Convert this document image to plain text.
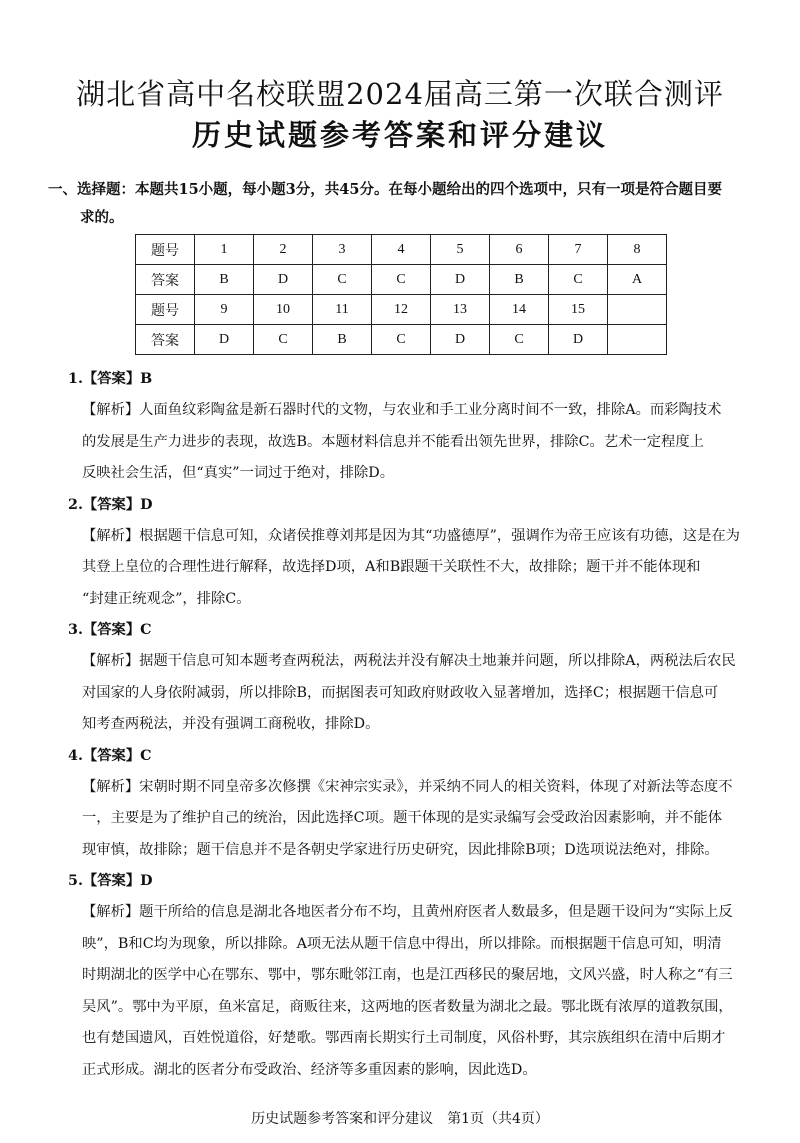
湖北省高中名校联盟2024届高三第一次联合测评
历史试题参考答案和评分建议
一、选择题：本题共15小题，每小题3分，共45分。在每小题给出的四个选项中，只有一项是符合题目要
求的。
题号	1	2	3	4	5	6	7	8
答案	B	D	C	C	D	B	C	A
题号	9	10	11	12	13	14	15	
答案	D	C	B	C	D	C	D	
1.【答案】B
【解析】人面鱼纹彩陶盆是新石器时代的文物，与农业和手工业分离时间不一致，排除A。而彩陶技术
的发展是生产力进步的表现，故选B。本题材料信息并不能看出领先世界，排除C。艺术一定程度上
反映社会生活，但“真实”一词过于绝对，排除D。
2.【答案】D
【解析】根据题干信息可知，众诸侯推尊刘邦是因为其“功盛德厚”，强调作为帝王应该有功德，这是在为
其登上皇位的合理性进行解释，故选择D项，A和B跟题干关联性不大，故排除；题干并不能体现和
“封建正统观念”，排除C。
3.【答案】C
【解析】据题干信息可知本题考查两税法，两税法并没有解决土地兼并问题，所以排除A，两税法后农民
对国家的人身依附减弱，所以排除B，而据图表可知政府财政收入显著增加，选择C；根据题干信息可
知考查两税法，并没有强调工商税收，排除D。
4.【答案】C
【解析】宋朝时期不同皇帝多次修撰《宋神宗实录》，并采纳不同人的相关资料，体现了对新法等态度不
一，主要是为了维护自己的统治，因此选择C项。题干体现的是实录编写会受政治因素影响，并不能体
现审慎，故排除；题干信息并不是各朝史学家进行历史研究，因此排除B项；D选项说法绝对，排除。
5.【答案】D
【解析】题干所给的信息是湖北各地医者分布不均，且黄州府医者人数最多，但是题干设问为“实际上反
映”，B和C均为现象，所以排除。A项无法从题干信息中得出，所以排除。而根据题干信息可知，明清
时期湖北的医学中心在鄂东、鄂中，鄂东毗邻江南，也是江西移民的聚居地，文风兴盛，时人称之“有三
吴风”。鄂中为平原，鱼米富足，商贩往来，这两地的医者数量为湖北之最。鄂北既有浓厚的道教氛围，
也有楚国遗风，百姓悦道俗，好楚歌。鄂西南长期实行土司制度，风俗朴野，其宗族组织在清中后期才
正式形成。湖北的医者分布受政治、经济等多重因素的影响，因此选D。
历史试题参考答案和评分建议　第1页（共4页）
